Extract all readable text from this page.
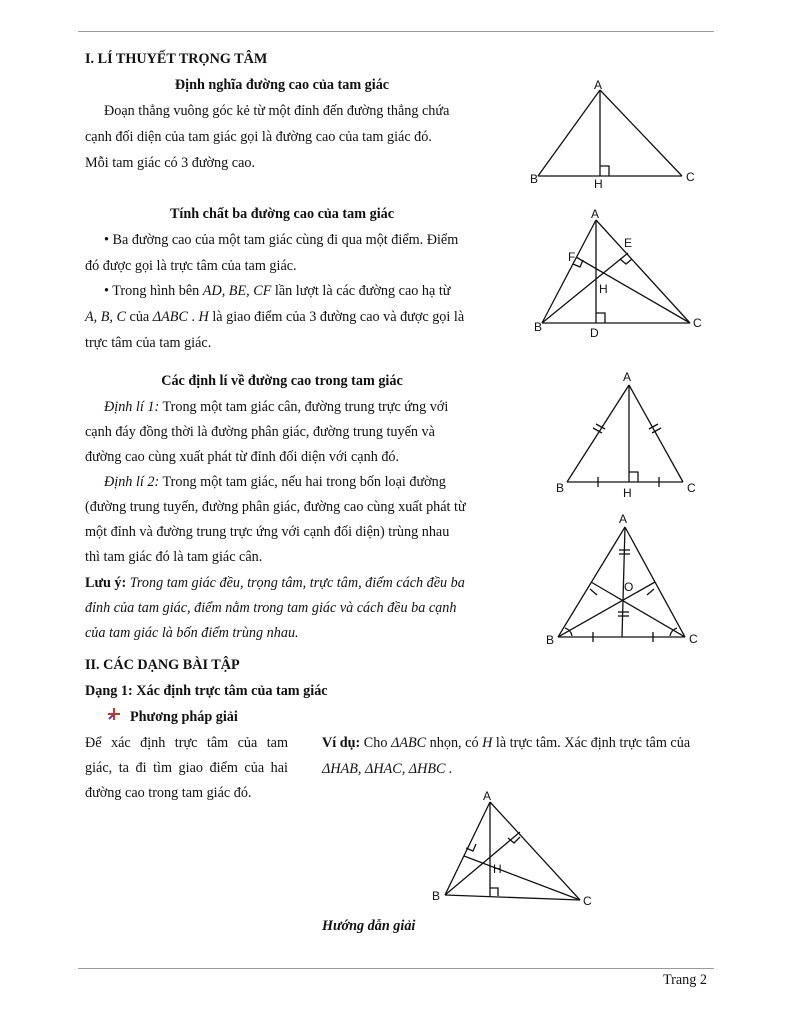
I. LÍ THUYẾT TRỌNG TÂM

Định nghĩa đường cao của tam giác

Đoạn thẳng vuông góc kẻ từ một đỉnh đến đường thẳng chứa

cạnh đối diện của tam giác gọi là đường cao của tam giác đó.

Mỗi tam giác có 3 đường cao.

Tính chất ba đường cao của tam giác

• Ba đường cao của một tam giác cùng đi qua một điểm. Điểm

đó được gọi là trực tâm của tam giác.

• Trong hình bên AD, BE, CF lần lượt là các đường cao hạ từ

A, B, C của ΔABC . H là giao điểm của 3 đường cao và được gọi là

trực tâm của tam giác.

Các định lí về đường cao trong tam giác

Định lí 1: Trong một tam giác cân, đường trung trực ứng với

cạnh đáy đồng thời là đường phân giác, đường trung tuyến và

đường cao cùng xuất phát từ đỉnh đối diện với cạnh đó.

Định lí 2: Trong một tam giác, nếu hai trong bốn loại đường

(đường trung tuyến, đường phân giác, đường cao cùng xuất phát từ

một đỉnh và đường trung trực ứng với cạnh đối diện) trùng nhau

thì tam giác đó là tam giác cân.

Lưu ý: Trong tam giác đều, trọng tâm, trực tâm, điểm cách đều ba

đỉnh của tam giác, điểm nằm trong tam giác và cách đều ba cạnh

của tam giác là bốn điểm trùng nhau.

II. CÁC DẠNG BÀI TẬP

Dạng 1: Xác định trực tâm của tam giác

Phương pháp giải

Để xác định trực tâm của tam

giác, ta đi tìm giao điểm của hai

đường cao trong tam giác đó.

Ví dụ: Cho ΔABC nhọn, có H là trực tâm. Xác định trực tâm của

ΔHAB, ΔHAC, ΔHBC .

Hướng dẫn giải

A
B	C
H
A
B	C
D
E
F
H
A
B	C
H
A
B	C
O
A
B	C
H

Trang 2
